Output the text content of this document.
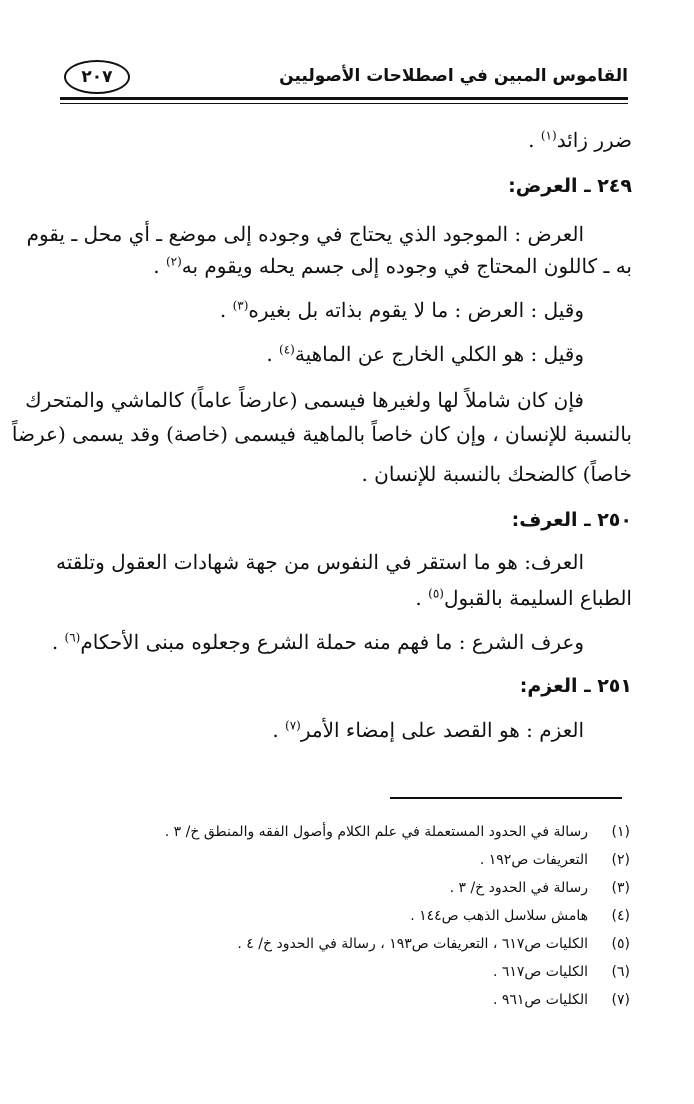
القاموس المبين في اصطلاحات الأصوليين
٢٠٧
ضرر زائد$^{(١)}$ .
٢٤٩ ـ العرض:
العرض : الموجود الذي يحتاج في وجوده إلى موضع ـ أي محل ـ يقوم
به ـ كاللون المحتاج في وجوده إلى جسم يحله ويقوم به$^{(٢)}$ .
وقيل : العرض : ما لا يقوم بذاته بل بغيره$^{(٣)}$ .
وقيل : هو الكلي الخارج عن الماهية$^{(٤)}$ .
فإن كان شاملاً لها ولغيرها فيسمى (عارضاً عاماً) كالماشي والمتحرك
بالنسبة للإنسان ، وإن كان خاصاً بالماهية فيسمى (خاصة) وقد يسمى (عرضاً
خاصاً) كالضحك بالنسبة للإنسان .
٢٥٠ ـ العرف:
العرف: هو ما استقر في النفوس من جهة شهادات العقول وتلقته
الطباع السليمة بالقبول$^{(٥)}$ .
وعرف الشرع : ما فهم منه حملة الشرع وجعلوه مبنى الأحكام$^{(٦)}$ .
٢٥١ ـ العزم:
العزم : هو القصد على إمضاء الأمر$^{(٧)}$ .
(١)رسالة في الحدود المستعملة في علم الكلام وأصول الفقه والمنطق خ/ ٣ .
(٢)التعريفات ص١٩٢ .
(٣)رسالة في الحدود خ/ ٣ .
(٤)هامش سلاسل الذهب ص١٤٤ .
(٥)الكليات ص٦١٧ ، التعريفات ص١٩٣ ، رسالة في الحدود خ/ ٤ .
(٦)الكليات ص٦١٧ .
(٧)الكليات ص٩٦١ .
